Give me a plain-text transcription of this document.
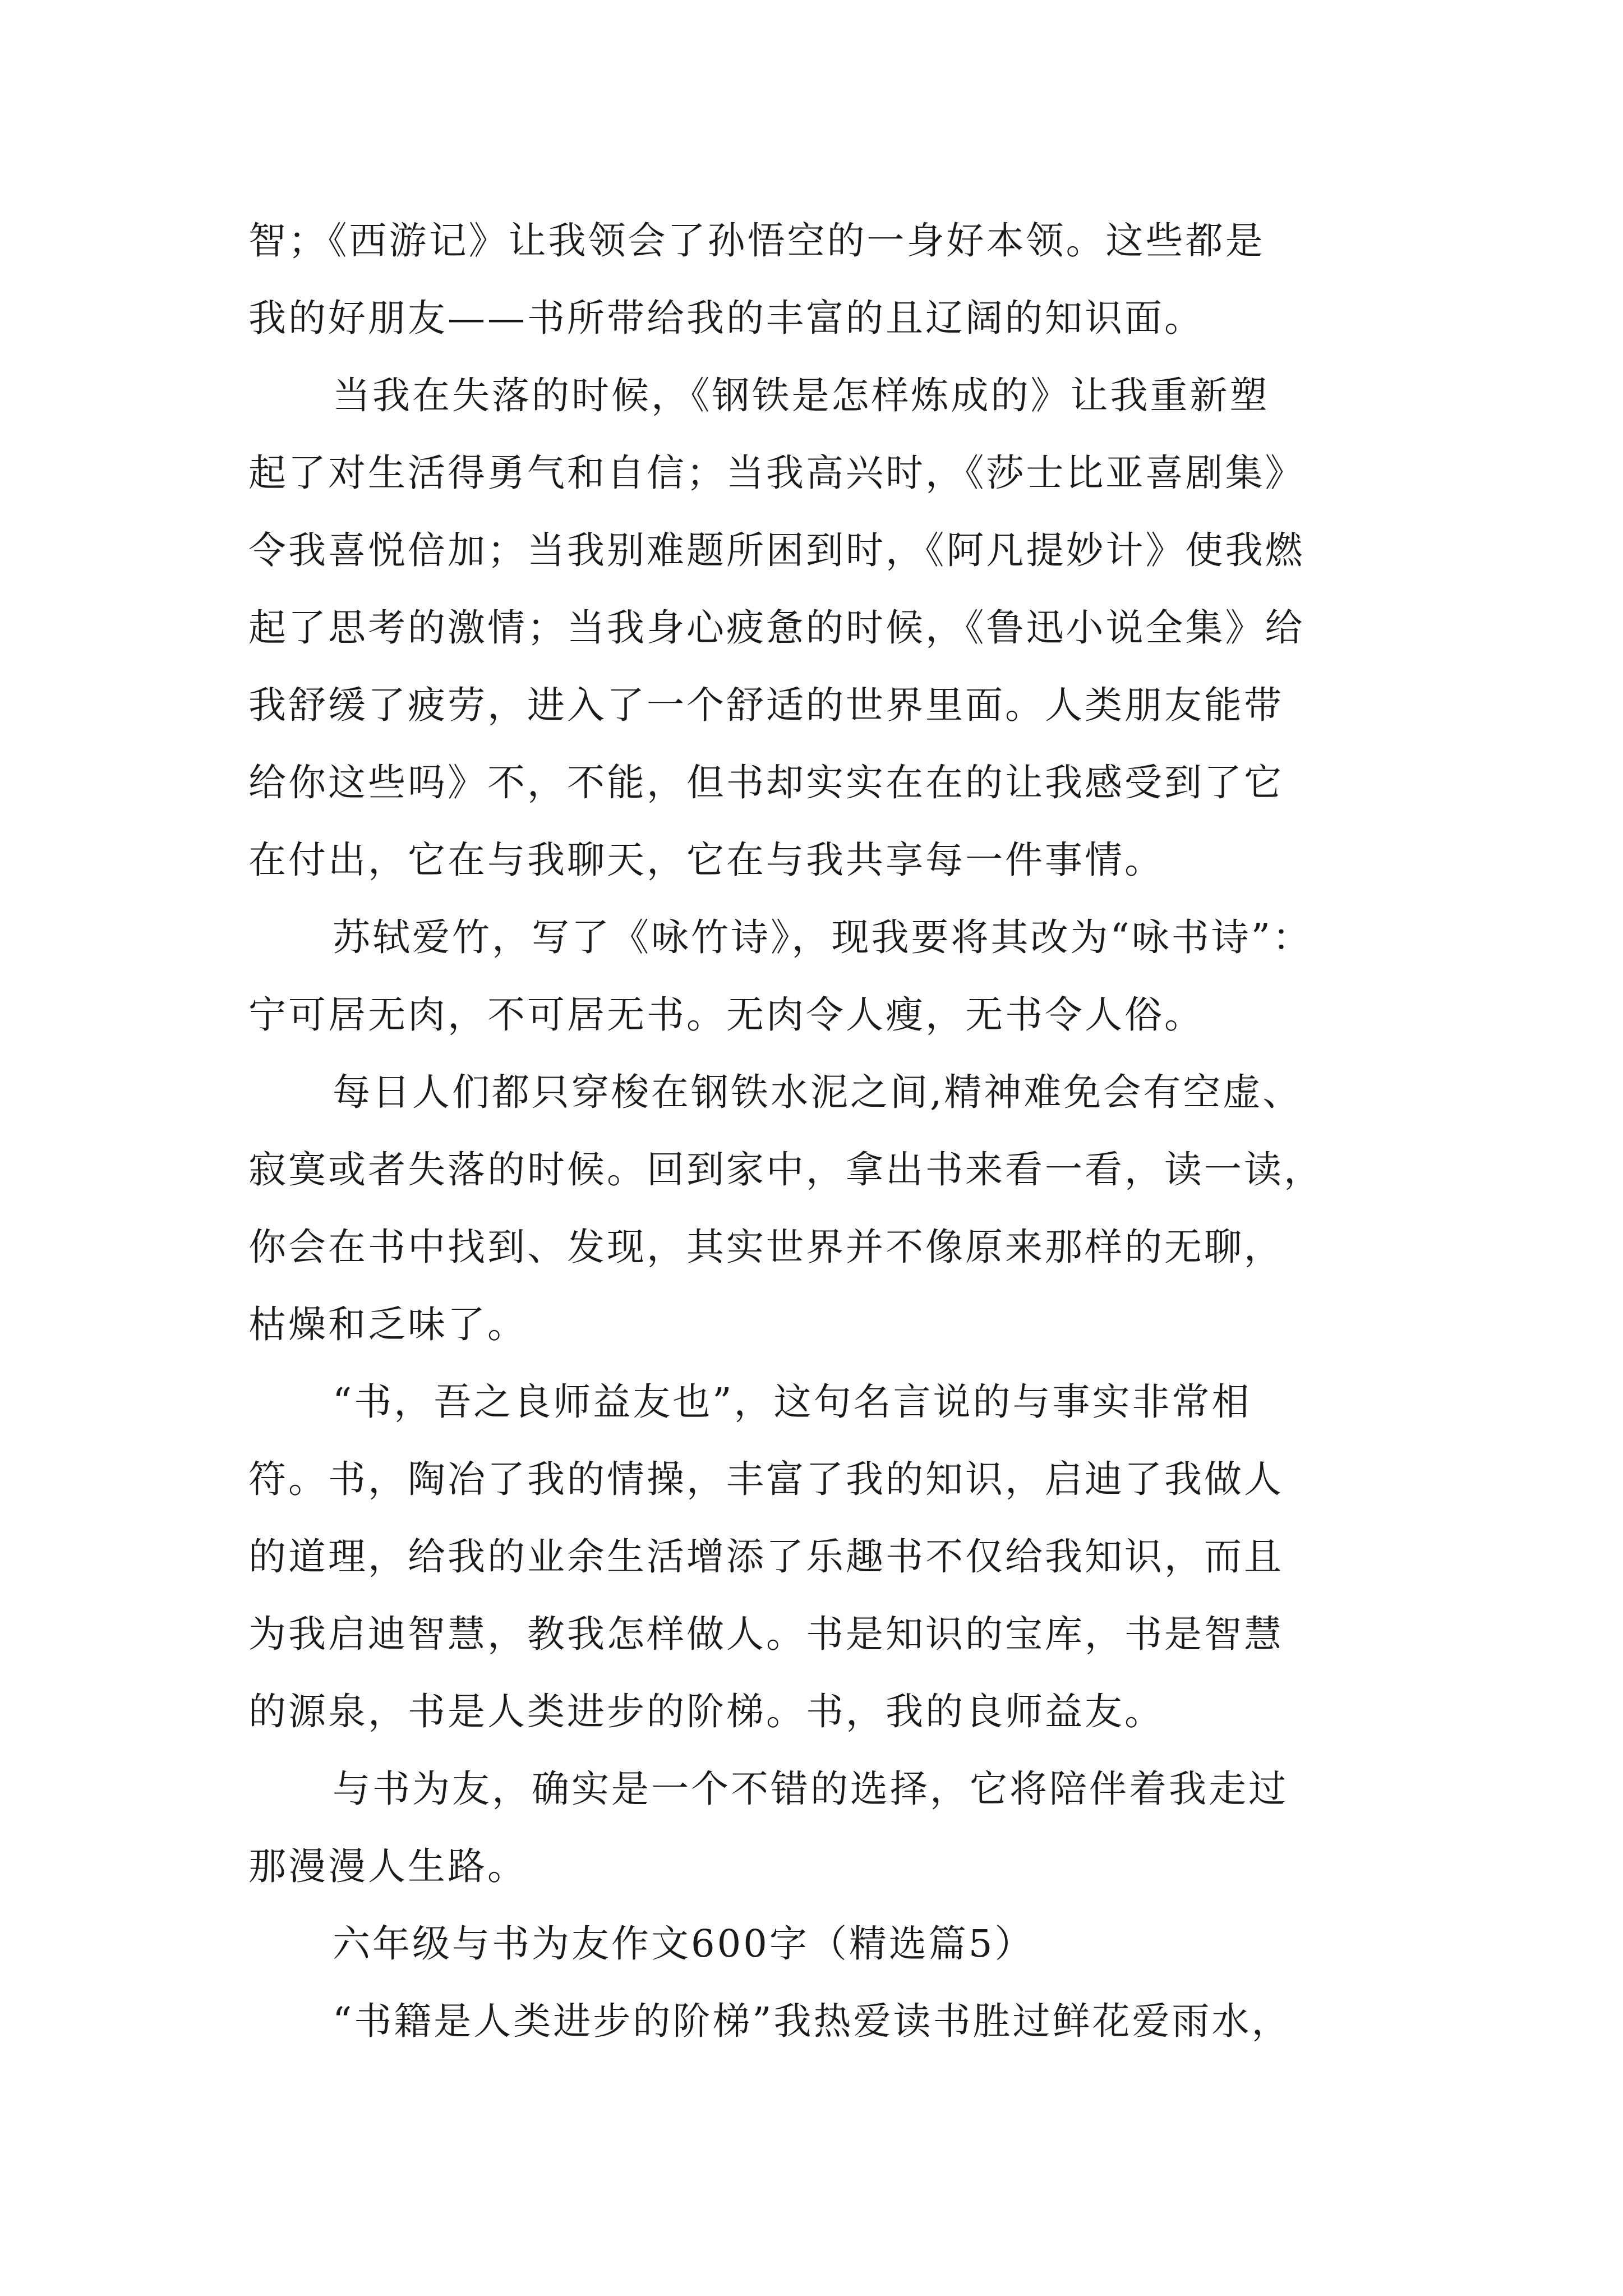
智；《西游记》让我领会了孙悟空的一身好本领。这些都是
我的好朋友——书所带给我的丰富的且辽阔的知识面。
当我在失落的时候，《钢铁是怎样炼成的》让我重新塑
起了对生活得勇气和自信；当我高兴时，《莎士比亚喜剧集》
令我喜悦倍加；当我别难题所困到时，《阿凡提妙计》使我燃
起了思考的激情；当我身心疲惫的时候，《鲁迅小说全集》给
我舒缓了疲劳，进入了一个舒适的世界里面。人类朋友能带
给你这些吗》不，不能，但书却实实在在的让我感受到了它
在付出，它在与我聊天，它在与我共享每一件事情。
苏轼爱竹，写了《咏竹诗》，现我要将其改为“咏书诗”：
宁可居无肉，不可居无书。无肉令人瘦，无书令人俗。
每日人们都只穿梭在钢铁水泥之间,精神难免会有空虚、
寂寞或者失落的时候。回到家中，拿出书来看一看，读一读，
你会在书中找到、发现，其实世界并不像原来那样的无聊，
枯燥和乏味了。
“书，吾之良师益友也”，这句名言说的与事实非常相
符。书，陶冶了我的情操，丰富了我的知识，启迪了我做人
的道理，给我的业余生活增添了乐趣书不仅给我知识，而且
为我启迪智慧，教我怎样做人。书是知识的宝库，书是智慧
的源泉，书是人类进步的阶梯。书，我的良师益友。
与书为友，确实是一个不错的选择，它将陪伴着我走过
那漫漫人生路。
六年级与书为友作文600字（精选篇5）
“书籍是人类进步的阶梯”我热爱读书胜过鲜花爱雨水，
